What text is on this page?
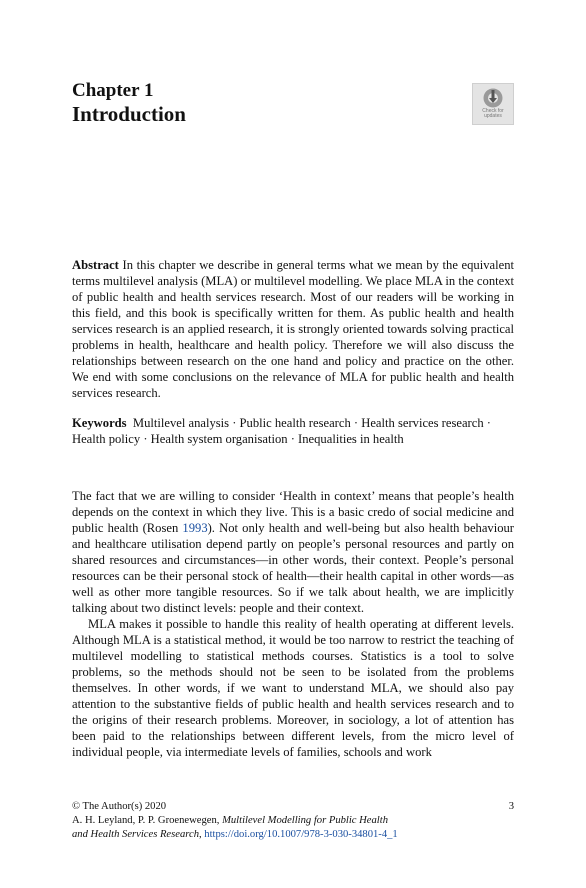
Chapter 1
Introduction	Check for
updates
Abstract In this chapter we describe in general terms what we mean by the equivalent terms multilevel analysis (MLA) or multilevel modelling. We place MLA in the context of public health and health services research. Most of our readers will be working in this field, and this book is specifically written for them. As public health and health services research is an applied research, it is strongly oriented towards solving practical problems in health, healthcare and health policy. Therefore we will also discuss the relationships between research on the one hand and policy and practice on the other. We end with some conclusions on the relevance of MLA for public health and health services research.
Keywords Multilevel analysis · Public health research · Health services research · Health policy · Health system organisation · Inequalities in health

The fact that we are willing to consider ‘Health in context’ means that people’s health depends on the context in which they live. This is a basic credo of social medicine and public health (Rosen 1993). Not only health and well-being but also health behaviour and healthcare utilisation depend partly on people’s personal resources and partly on shared resources and circumstances—in other words, their context. People’s personal resources can be their personal stock of health—their health capital in other words—as well as other more tangible resources. So if we talk about health, we are implicitly talking about two distinct levels: people and their context.

MLA makes it possible to handle this reality of health operating at different levels. Although MLA is a statistical method, it would be too narrow to restrict the teaching of multilevel modelling to statistical methods courses. Statistics is a tool to solve problems, so the methods should not be seen to be isolated from the problems themselves. In other words, if we want to understand MLA, we should also pay attention to the substantive fields of public health and health services research and to the origins of their research problems. Moreover, in sociology, a lot of attention has been paid to the relationships between different levels, from the micro level of individual people, via intermediate levels of families, schools and work

© The Author(s) 2020	3
A. H. Leyland, P. P. Groenewegen, Multilevel Modelling for Public Health
and Health Services Research, https://doi.org/10.1007/978-3-030-34801-4_1
